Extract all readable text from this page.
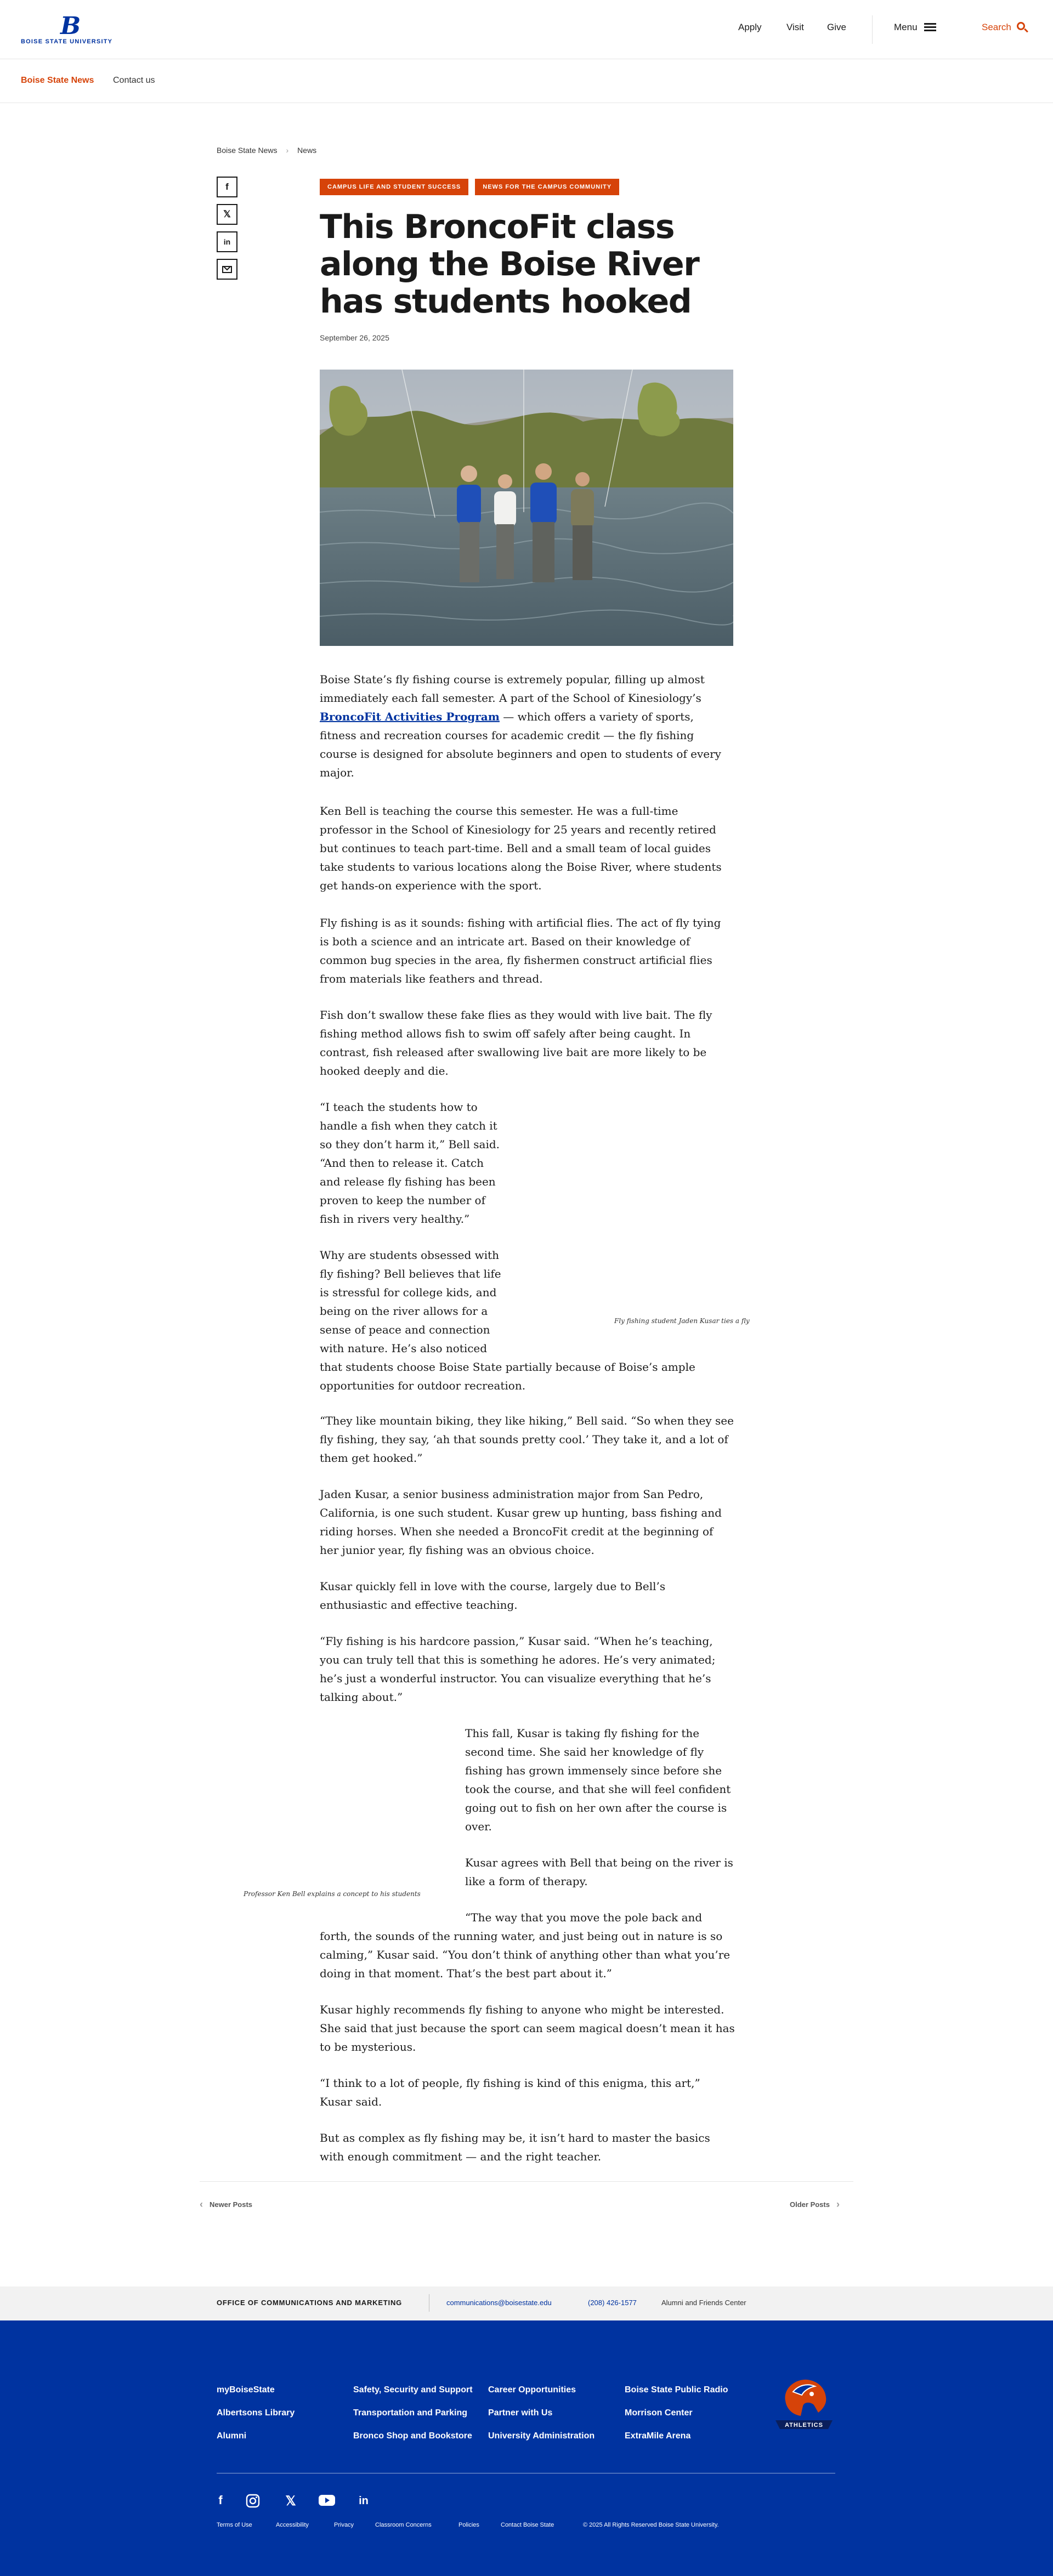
B
BOISE STATE UNIVERSITY
Apply	Visit Give	Menu	Search
Boise State News Contact us
Boise State News › News
f
𝕏
in
CAMPUS LIFE AND STUDENT SUCCESS	NEWS FOR THE CAMPUS COMMUNITY
This BroncoFit class along the Boise River has students hooked
September 26, 2025

Boise State’s fly fishing course is extremely popular, filling up almost immediately each fall semester. A part of the School of Kinesiology’s BroncoFit Activities Program — which offers a variety of sports, fitness and recreation courses for academic credit — the fly fishing course is designed for absolute beginners and open to students of every major.

Ken Bell is teaching the course this semester. He was a full-time professor in the School of Kinesiology for 25 years and recently retired but continues to teach part-time. Bell and a small team of local guides take students to various locations along the Boise River, where students get hands-on experience with the sport.

Fly fishing is as it sounds: fishing with artificial flies. The act of fly tying is both a science and an intricate art. Based on their knowledge of common bug species in the area, fly fishermen construct artificial flies from materials like feathers and thread.

Fish don’t swallow these fake flies as they would with live bait. The fly fishing method allows fish to swim off safely after being caught. In contrast, fish released after swallowing live bait are more likely to be hooked deeply and die.

“I teach the students how to handle a fish when they catch it so they don’t harm it,” Bell said. “And then to release it. Catch and release fly fishing has been proven to keep the number of fish in rivers very healthy.”

Why are students obsessed with fly fishing? Bell believes that life is stressful for college kids, and being on the river allows for a sense of peace and connection with nature. He’s also noticed

that students choose Boise State partially because of Boise’s ample opportunities for outdoor recreation.

Fly fishing student Jaden Kusar ties a fly

“They like mountain biking, they like hiking,” Bell said. “So when they see fly fishing, they say, ‘ah that sounds pretty cool.’ They take it, and a lot of them get hooked.”

Jaden Kusar, a senior business administration major from San Pedro, California, is one such student. Kusar grew up hunting, bass fishing and riding horses. When she needed a BroncoFit credit at the beginning of her junior year, fly fishing was an obvious choice.

Kusar quickly fell in love with the course, largely due to Bell’s enthusiastic and effective teaching.

“Fly fishing is his hardcore passion,” Kusar said. “When he’s teaching, you can truly tell that this is something he adores. He’s very animated; he’s just a wonderful instructor. You can visualize everything that he’s talking about.”

This fall, Kusar is taking fly fishing for the second time. She said her knowledge of fly fishing has grown immensely since before she took the course, and that she will feel confident going out to fish on her own after the course is over.

Kusar agrees with Bell that being on the river is like a form of therapy.

Professor Ken Bell explains a concept to his students

“The way that you move the pole back and

forth, the sounds of the running water, and just being out in nature is so calming,” Kusar said. “You don’t think of anything other than what you’re doing in that moment. That’s the best part about it.”

Kusar highly recommends fly fishing to anyone who might be interested. She said that just because the sport can seem magical doesn’t mean it has to be mysterious.

“I think to a lot of people, fly fishing is kind of this enigma, this art,” Kusar said.

But as complex as fly fishing may be, it isn’t hard to master the basics with enough commitment — and the right teacher.

‹ Newer Posts	Older Posts ›
OFFICE OF COMMUNICATIONS AND MARKETING	communications@boisestate.edu	(208) 426-1577	Alumni and Friends Center
myBoiseState
Albertsons Library
Alumni
Safety, Security and Support
Transportation and Parking
Bronco Shop and Bookstore
Career Opportunities
Partner with Us
University Administration
Boise State Public Radio
Morrison Center
ExtraMile Arena
ATHLETICS
f	𝕏	in
Terms of Use	Accessibility	Privacy	Classroom Concerns	Policies	Contact Boise State	© 2025 All Rights Reserved Boise State University.
